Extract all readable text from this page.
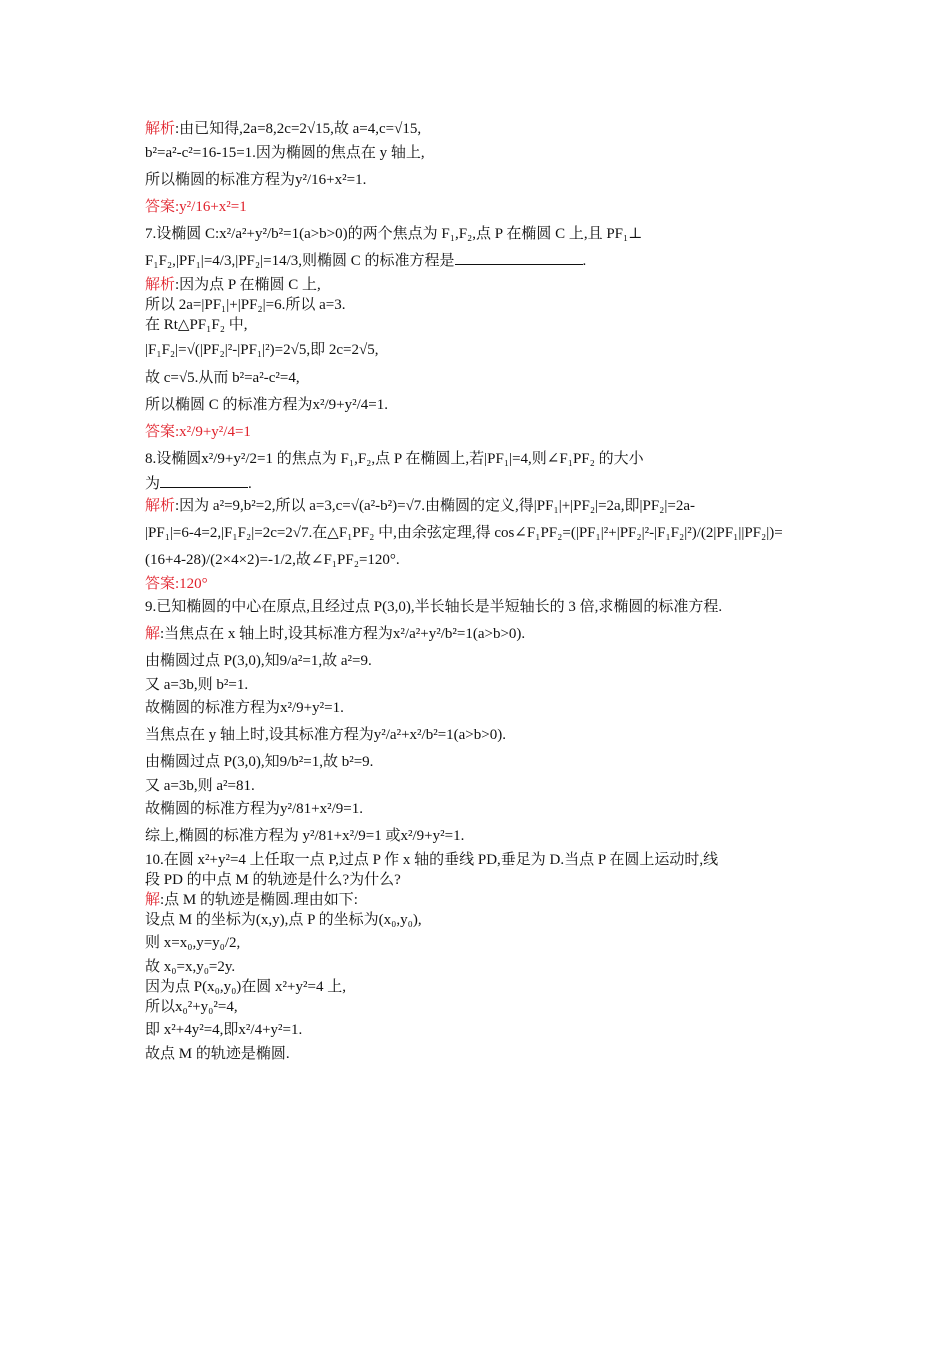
解析:由已知得,2a=8,2c=2√15,故 a=4,c=√15,
b²=a²-c²=16-15=1.因为椭圆的焦点在 y 轴上,
所以椭圆的标准方程为y²/16+x²=1.
答案:y²/16+x²=1
7.设椭圆 C:x²/a²+y²/b²=1(a>b>0)的两个焦点为 F₁,F₂,点 P 在椭圆 C 上,且 PF₁⊥
F₁F₂,|PF₁|=4/3,|PF₂|=14/3,则椭圆 C 的标准方程是	.
解析:因为点 P 在椭圆 C 上,
所以 2a=|PF₁|+|PF₂|=6.所以 a=3.
在 Rt△PF₁F₂ 中,
|F₁F₂|=√(|PF₂|²-|PF₁|²)=2√5,即 2c=2√5,
故 c=√5.从而 b²=a²-c²=4,
所以椭圆 C 的标准方程为x²/9+y²/4=1.
答案:x²/9+y²/4=1
8.设椭圆x²/9+y²/2=1 的焦点为 F₁,F₂,点 P 在椭圆上,若|PF₁|=4,则∠F₁PF₂ 的大小
为	.
解析:因为 a²=9,b²=2,所以 a=3,c=√(a²-b²)=√7.由椭圆的定义,得|PF₁|+|PF₂|=2a,即|PF₂|=2a-
|PF₁|=6-4=2,|F₁F₂|=2c=2√7.在△F₁PF₂ 中,由余弦定理,得 cos∠F₁PF₂=(|PF₁|²+|PF₂|²-|F₁F₂|²)/(2|PF₁||PF₂|)=
(16+4-28)/(2×4×2)=-1/2,故∠F₁PF₂=120°.
答案:120°
9.已知椭圆的中心在原点,且经过点 P(3,0),半长轴长是半短轴长的 3 倍,求椭圆的标准方程.
解:当焦点在 x 轴上时,设其标准方程为x²/a²+y²/b²=1(a>b>0).
由椭圆过点 P(3,0),知9/a²=1,故 a²=9.
又 a=3b,则 b²=1.
故椭圆的标准方程为x²/9+y²=1.
当焦点在 y 轴上时,设其标准方程为y²/a²+x²/b²=1(a>b>0).
由椭圆过点 P(3,0),知9/b²=1,故 b²=9.
又 a=3b,则 a²=81.
故椭圆的标准方程为y²/81+x²/9=1.
综上,椭圆的标准方程为 y²/81+x²/9=1 或x²/9+y²=1.
10.在圆 x²+y²=4 上任取一点 P,过点 P 作 x 轴的垂线 PD,垂足为 D.当点 P 在圆上运动时,线
段 PD 的中点 M 的轨迹是什么?为什么?
解:点 M 的轨迹是椭圆.理由如下:
设点 M 的坐标为(x,y),点 P 的坐标为(x₀,y₀),
则 x=x₀,y=y₀/2,
故 x₀=x,y₀=2y.
因为点 P(x₀,y₀)在圆 x²+y²=4 上,
所以x₀²+y₀²=4,
即 x²+4y²=4,即x²/4+y²=1.
故点 M 的轨迹是椭圆.
